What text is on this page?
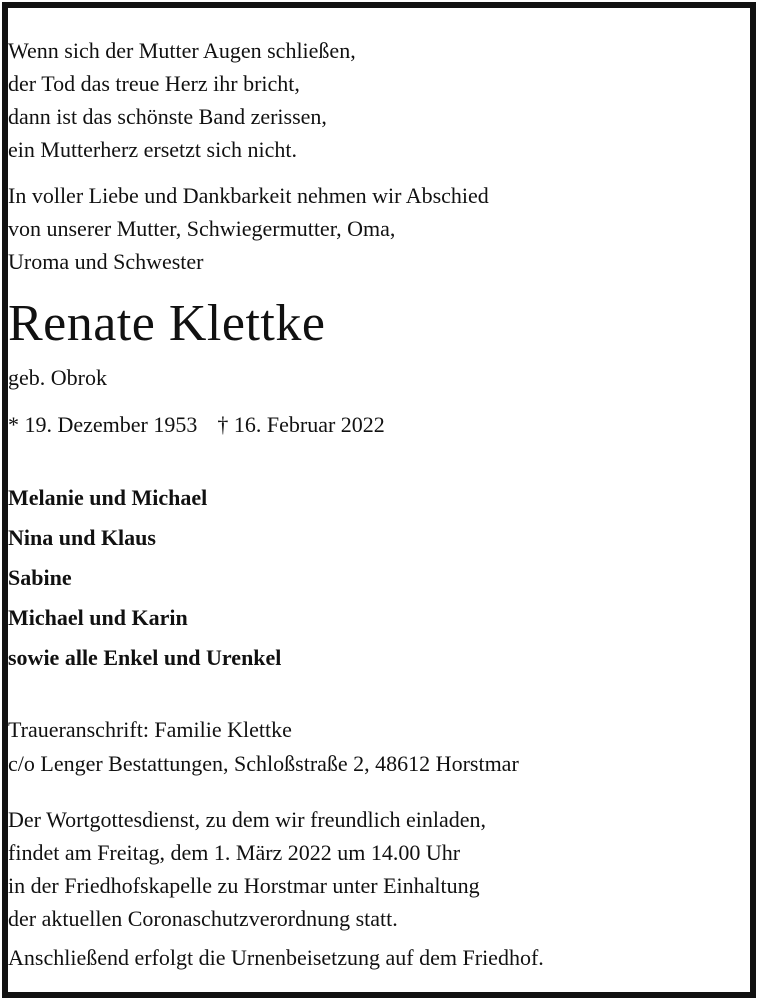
Wenn sich der Mutter Augen schließen,
der Tod das treue Herz ihr bricht,
dann ist das schönste Band zerissen,
ein Mutterherz ersetzt sich nicht.
In voller Liebe und Dankbarkeit nehmen wir Abschied
von unserer Mutter, Schwiegermutter, Oma,
Uroma und Schwester
Renate Klettke
geb. Obrok
* 19. Dezember 1953 † 16. Februar 2022
Melanie und Michael
Nina und Klaus
Sabine
Michael und Karin
sowie alle Enkel und Urenkel
Traueranschrift: Familie Klettke
c/o Lenger Bestattungen, Schloßstraße 2, 48612 Horstmar
Der Wortgottesdienst, zu dem wir freundlich einladen,
findet am Freitag, dem 1. März 2022 um 14.00 Uhr
in der Friedhofskapelle zu Horstmar unter Einhaltung
der aktuellen Coronaschutzverordnung statt.
Anschließend erfolgt die Urnenbeisetzung auf dem Friedhof.
